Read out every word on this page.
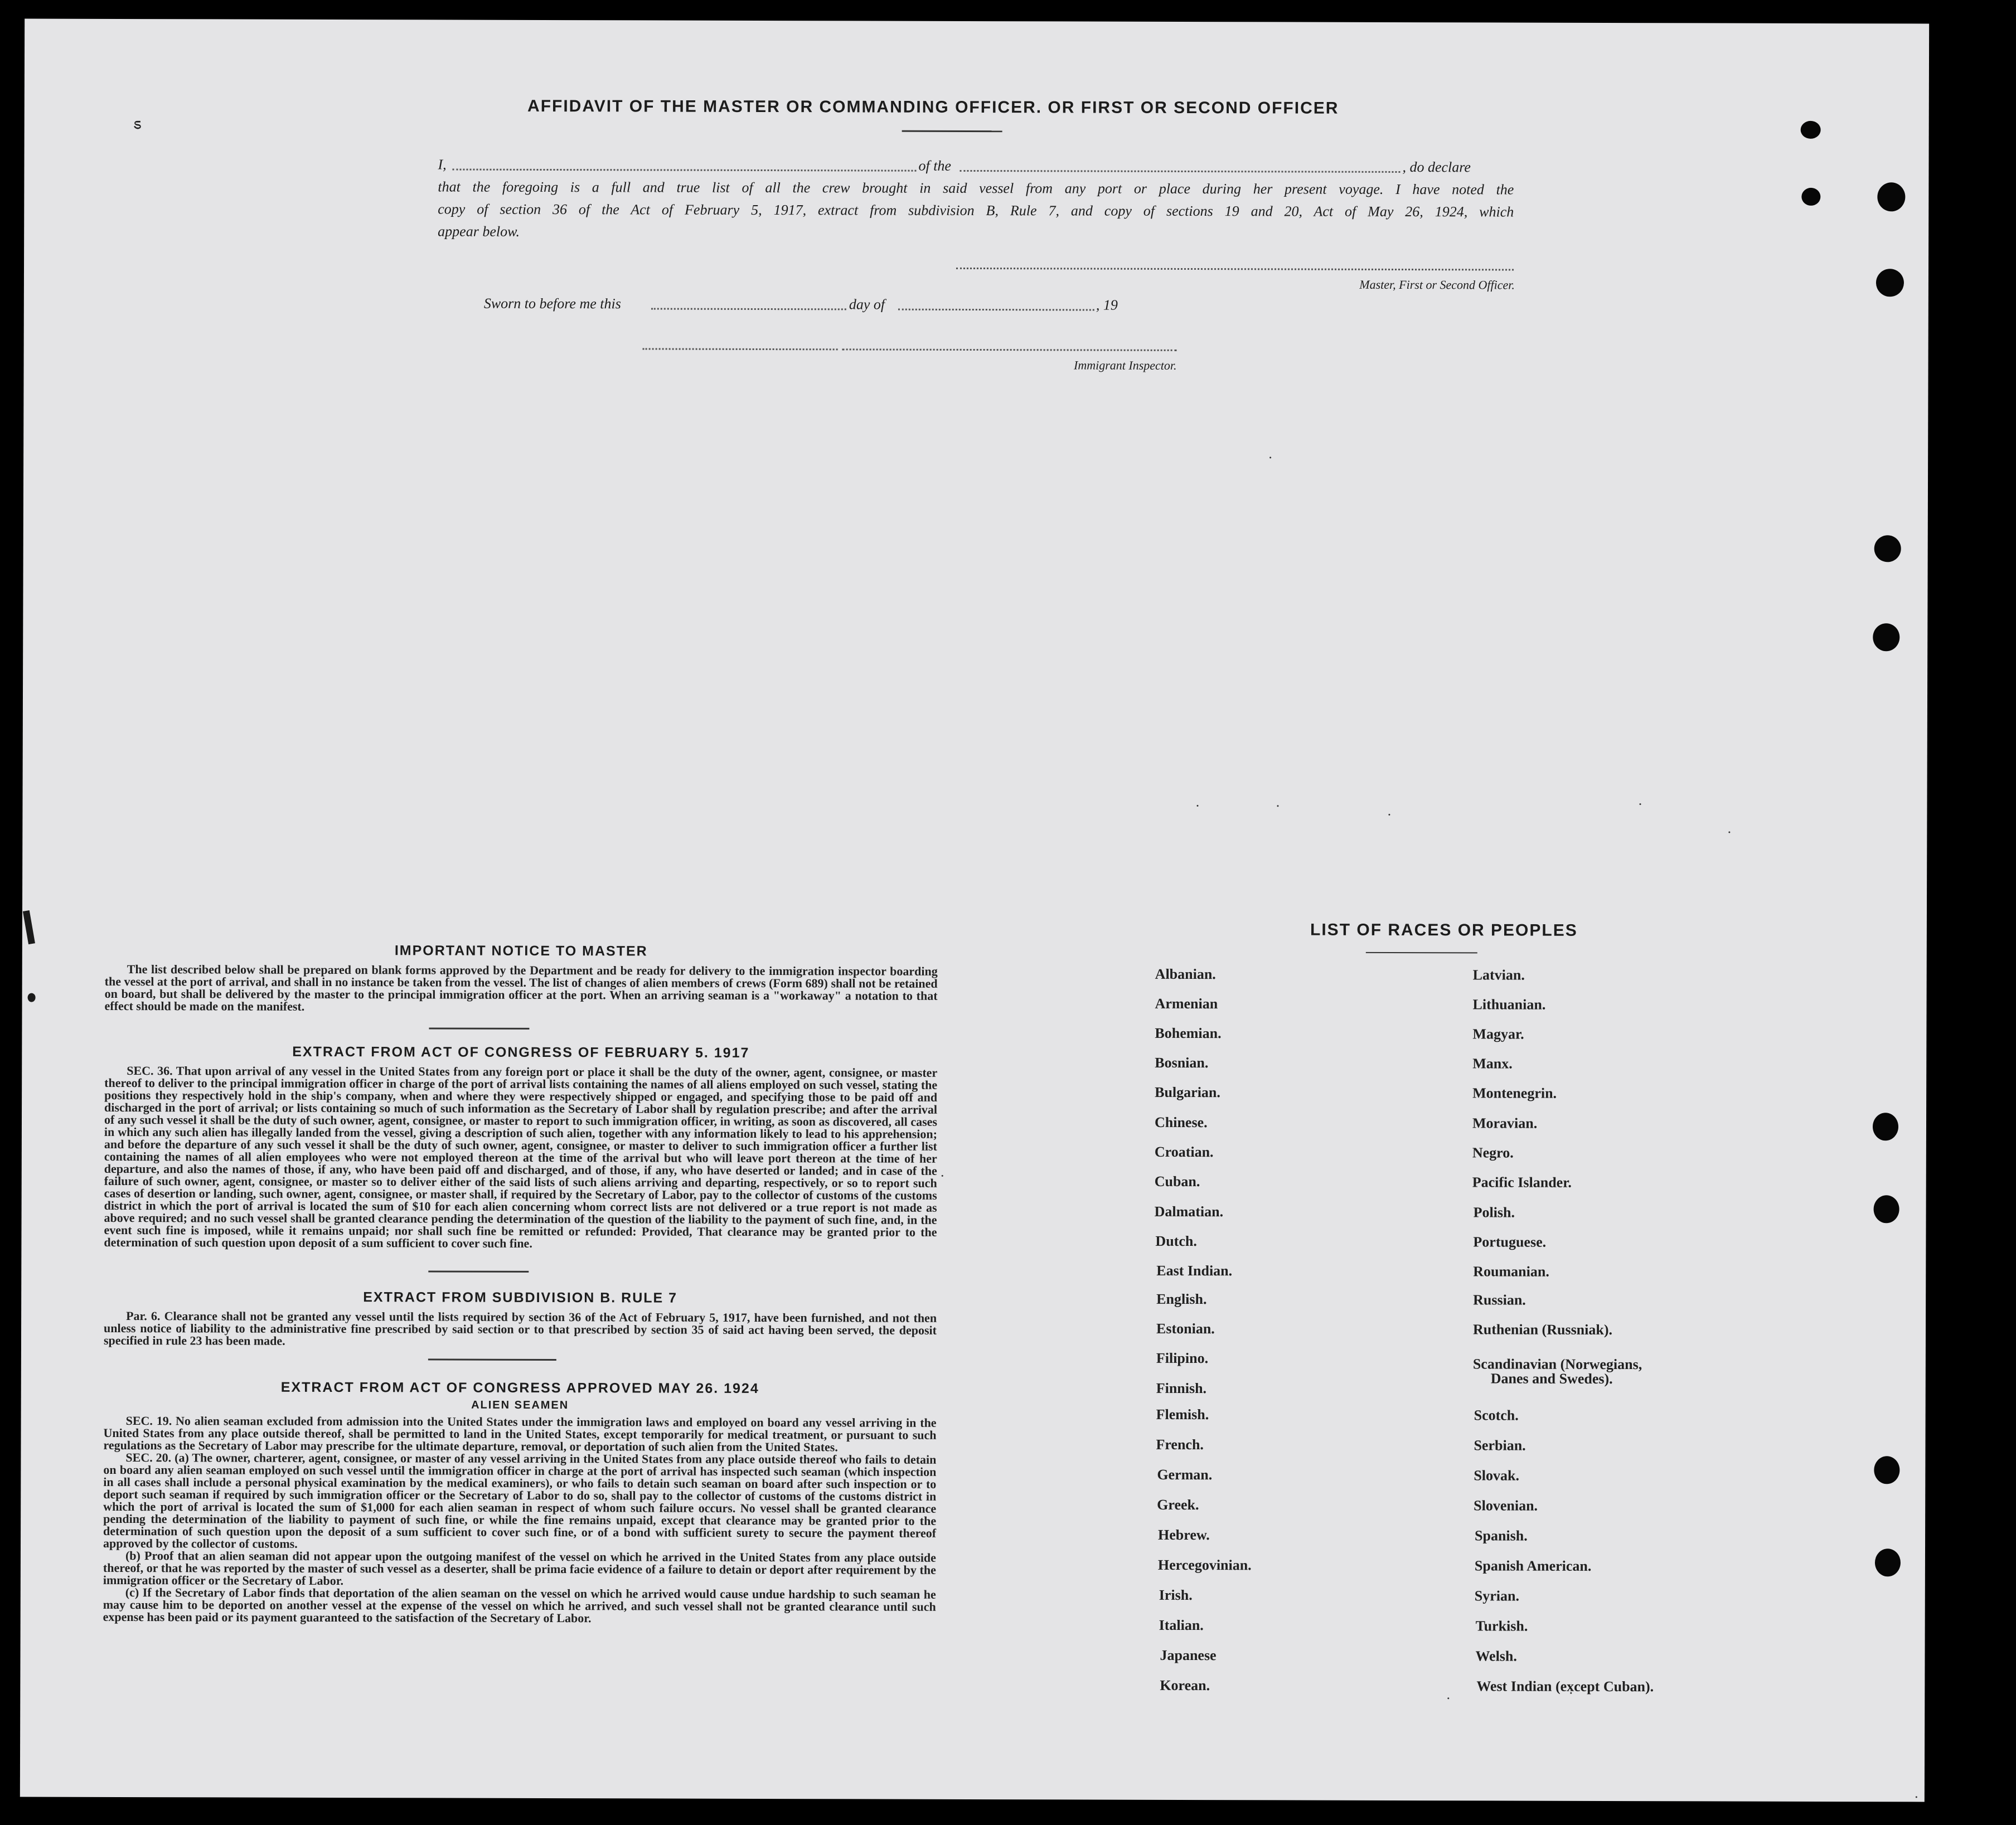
ಽ
AFFIDAVIT OF THE MASTER OR COMMANDING OFFICER. OR FIRST OR SECOND OFFICER
I,	of the	, do declare
that the foregoing is a full and true list of all the crew brought in said vessel from any port or place during her present voyage. I have noted the
copy of section 36 of the Act of February 5, 1917, extract from subdivision B, Rule 7, and copy of sections 19 and 20, Act of May 26, 1924, which
appear below.
Master, First or Second Officer.
Sworn to before me this	day of	, 19
Immigrant Inspector.
IMPORTANT NOTICE TO MASTER

The list described below shall be prepared on blank forms approved by the Department and be ready for delivery to the immigration inspector boarding the vessel at the port of arrival, and shall in no instance be taken from the vessel. The list of changes of alien members of crews (Form 689) shall not be retained on board, but shall be delivered by the master to the principal immigration officer at the port. When an arriving seaman is a "workaway" a notation to that effect should be made on the manifest.

EXTRACT FROM ACT OF CONGRESS OF FEBRUARY 5. 1917

SEC. 36. That upon arrival of any vessel in the United States from any foreign port or place it shall be the duty of the owner, agent, consignee, or master thereof to deliver to the principal immigration officer in charge of the port of arrival lists containing the names of all aliens employed on such vessel, stating the positions they respectively hold in the ship's company, when and where they were respectively shipped or engaged, and specifying those to be paid off and discharged in the port of arrival; or lists containing so much of such information as the Secretary of Labor shall by regulation prescribe; and after the arrival of any such vessel it shall be the duty of such owner, agent, consignee, or master to report to such immigration officer, in writing, as soon as discovered, all cases in which any such alien has illegally landed from the vessel, giving a description of such alien, together with any information likely to lead to his apprehension; and before the departure of any such vessel it shall be the duty of such owner, agent, consignee, or master to deliver to such immigration officer a further list containing the names of all alien employees who were not employed thereon at the time of the arrival but who will leave port thereon at the time of her departure, and also the names of those, if any, who have been paid off and discharged, and of those, if any, who have deserted or landed; and in case of the failure of such owner, agent, consignee, or master so to deliver either of the said lists of such aliens arriving and departing, respectively, or so to report such cases of desertion or landing, such owner, agent, consignee, or master shall, if required by the Secretary of Labor, pay to the collector of customs of the customs district in which the port of arrival is located the sum of $10 for each alien concerning whom correct lists are not delivered or a true report is not made as above required; and no such vessel shall be granted clearance pending the determination of the question of the liability to the payment of such fine, and, in the event such fine is imposed, while it remains unpaid; nor shall such fine be remitted or refunded: Provided, That clearance may be granted prior to the determination of such question upon deposit of a sum sufficient to cover such fine.

EXTRACT FROM SUBDIVISION B. RULE 7

Par. 6. Clearance shall not be granted any vessel until the lists required by section 36 of the Act of February 5, 1917, have been furnished, and not then unless notice of liability to the administrative fine prescribed by said section or to that prescribed by section 35 of said act having been served, the deposit specified in rule 23 has been made.

EXTRACT FROM ACT OF CONGRESS APPROVED MAY 26. 1924
ALIEN SEAMEN

SEC. 19. No alien seaman excluded from admission into the United States under the immigration laws and employed on board any vessel arriving in the United States from any place outside thereof, shall be permitted to land in the United States, except temporarily for medical treatment, or pursuant to such regulations as the Secretary of Labor may prescribe for the ultimate departure, removal, or deportation of such alien from the United States.

SEC. 20. (a) The owner, charterer, agent, consignee, or master of any vessel arriving in the United States from any place outside thereof who fails to detain on board any alien seaman employed on such vessel until the immigration officer in charge at the port of arrival has inspected such seaman (which inspection in all cases shall include a personal physical examination by the medical examiners), or who fails to detain such seaman on board after such inspection or to deport such seaman if required by such immigration officer or the Secretary of Labor to do so, shall pay to the collector of customs of the customs district in which the port of arrival is located the sum of $1,000 for each alien seaman in respect of whom such failure occurs. No vessel shall be granted clearance pending the determination of the liability to payment of such fine, or while the fine remains unpaid, except that clearance may be granted prior to the determination of such question upon the deposit of a sum sufficient to cover such fine, or of a bond with sufficient surety to secure the payment thereof approved by the collector of customs.

(b) Proof that an alien seaman did not appear upon the outgoing manifest of the vessel on which he arrived in the United States from any place outside thereof, or that he was reported by the master of such vessel as a deserter, shall be prima facie evidence of a failure to detain or deport after requirement by the immigration officer or the Secretary of Labor.

(c) If the Secretary of Labor finds that deportation of the alien seaman on the vessel on which he arrived would cause undue hardship to such seaman he may cause him to be deported on another vessel at the expense of the vessel on which he arrived, and such vessel shall not be granted clearance until such expense has been paid or its payment guaranteed to the satisfaction of the Secretary of Labor.

LIST OF RACES OR PEOPLES
Albanian.
Armenian
Bohemian.
Bosnian.
Bulgarian.
Chinese.
Croatian.
Cuban.
Dalmatian.
Dutch.
East Indian.
English.
Estonian.
Filipino.
Finnish.
Flemish.
French.
German.
Greek.
Hebrew.
Hercegovinian.
Irish.
Italian.
Japanese
Korean.
Latvian.
Lithuanian.
Magyar.
Manx.
Montenegrin.
Moravian.
Negro.
Pacific Islander.
Polish.
Portuguese.
Roumanian.
Russian.
Ruthenian (Russniak).
Scandinavian (Norwegians,
Danes and Swedes).
Scotch.
Serbian.
Slovak.
Slovenian.
Spanish.
Spanish American.
Syrian.
Turkish.
Welsh.
West Indian (except Cuban).
